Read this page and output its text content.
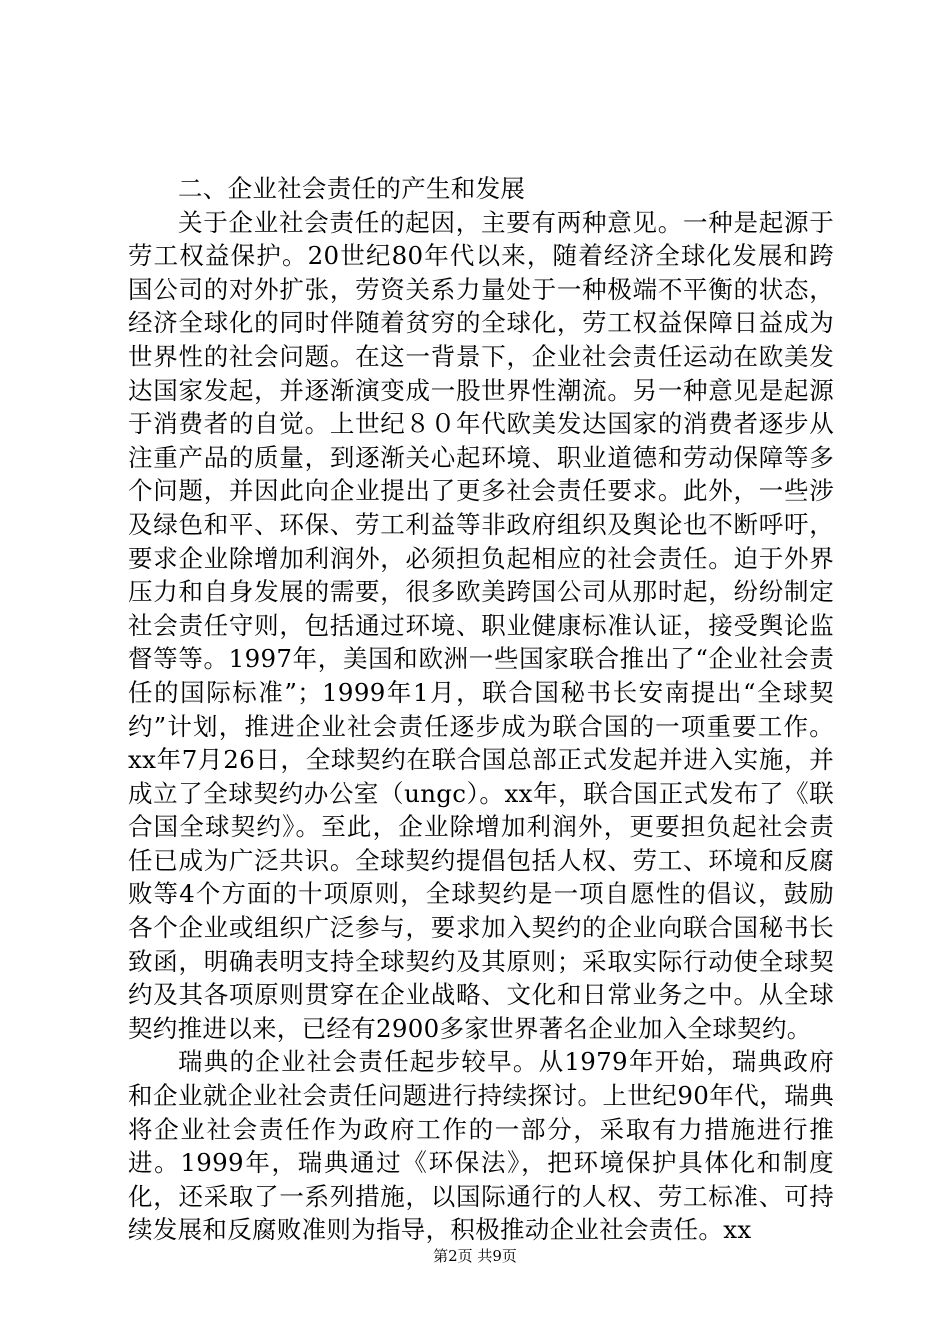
二、企业社会责任的产生和发展

关于企业社会责任的起因，主要有两种意见。一种是起源于劳工权益保护。20世纪80年代以来，随着经济全球化发展和跨国公司的对外扩张，劳资关系力量处于一种极端不平衡的状态，经济全球化的同时伴随着贫穷的全球化，劳工权益保障日益成为世界性的社会问题。在这一背景下，企业社会责任运动在欧美发达国家发起，并逐渐演变成一股世界性潮流。另一种意见是起源于消费者的自觉。上世纪８０年代欧美发达国家的消费者逐步从注重产品的质量，到逐渐关心起环境、职业道德和劳动保障等多个问题，并因此向企业提出了更多社会责任要求。此外，一些涉及绿色和平、环保、劳工利益等非政府组织及舆论也不断呼吁，要求企业除增加利润外，必须担负起相应的社会责任。迫于外界压力和自身发展的需要，很多欧美跨国公司从那时起，纷纷制定社会责任守则，包括通过环境、职业健康标准认证，接受舆论监督等等。1997年，美国和欧洲一些国家联合推出了“企业社会责任的国际标准”；1999年1月，联合国秘书长安南提出“全球契约”计划，推进企业社会责任逐步成为联合国的一项重要工作。xx年7月26日，全球契约在联合国总部正式发起并进入实施，并成立了全球契约办公室（ungc）。xx年，联合国正式发布了《联合国全球契约》。至此，企业除增加利润外，更要担负起社会责任已成为广泛共识。全球契约提倡包括人权、劳工、环境和反腐败等4个方面的十项原则，全球契约是一项自愿性的倡议，鼓励各个企业或组织广泛参与，要求加入契约的企业向联合国秘书长致函，明确表明支持全球契约及其原则；采取实际行动使全球契约及其各项原则贯穿在企业战略、文化和日常业务之中。从全球契约推进以来，已经有2900多家世界著名企业加入全球契约。

瑞典的企业社会责任起步较早。从1979年开始，瑞典政府和企业就企业社会责任问题进行持续探讨。上世纪90年代，瑞典将企业社会责任作为政府工作的一部分，采取有力措施进行推进。1999年，瑞典通过《环保法》，把环境保护具体化和制度化，还采取了一系列措施，以国际通行的人权、劳工标准、可持续发展和反腐败准则为指导，积极推动企业社会责任。xx

第2页 共9页
